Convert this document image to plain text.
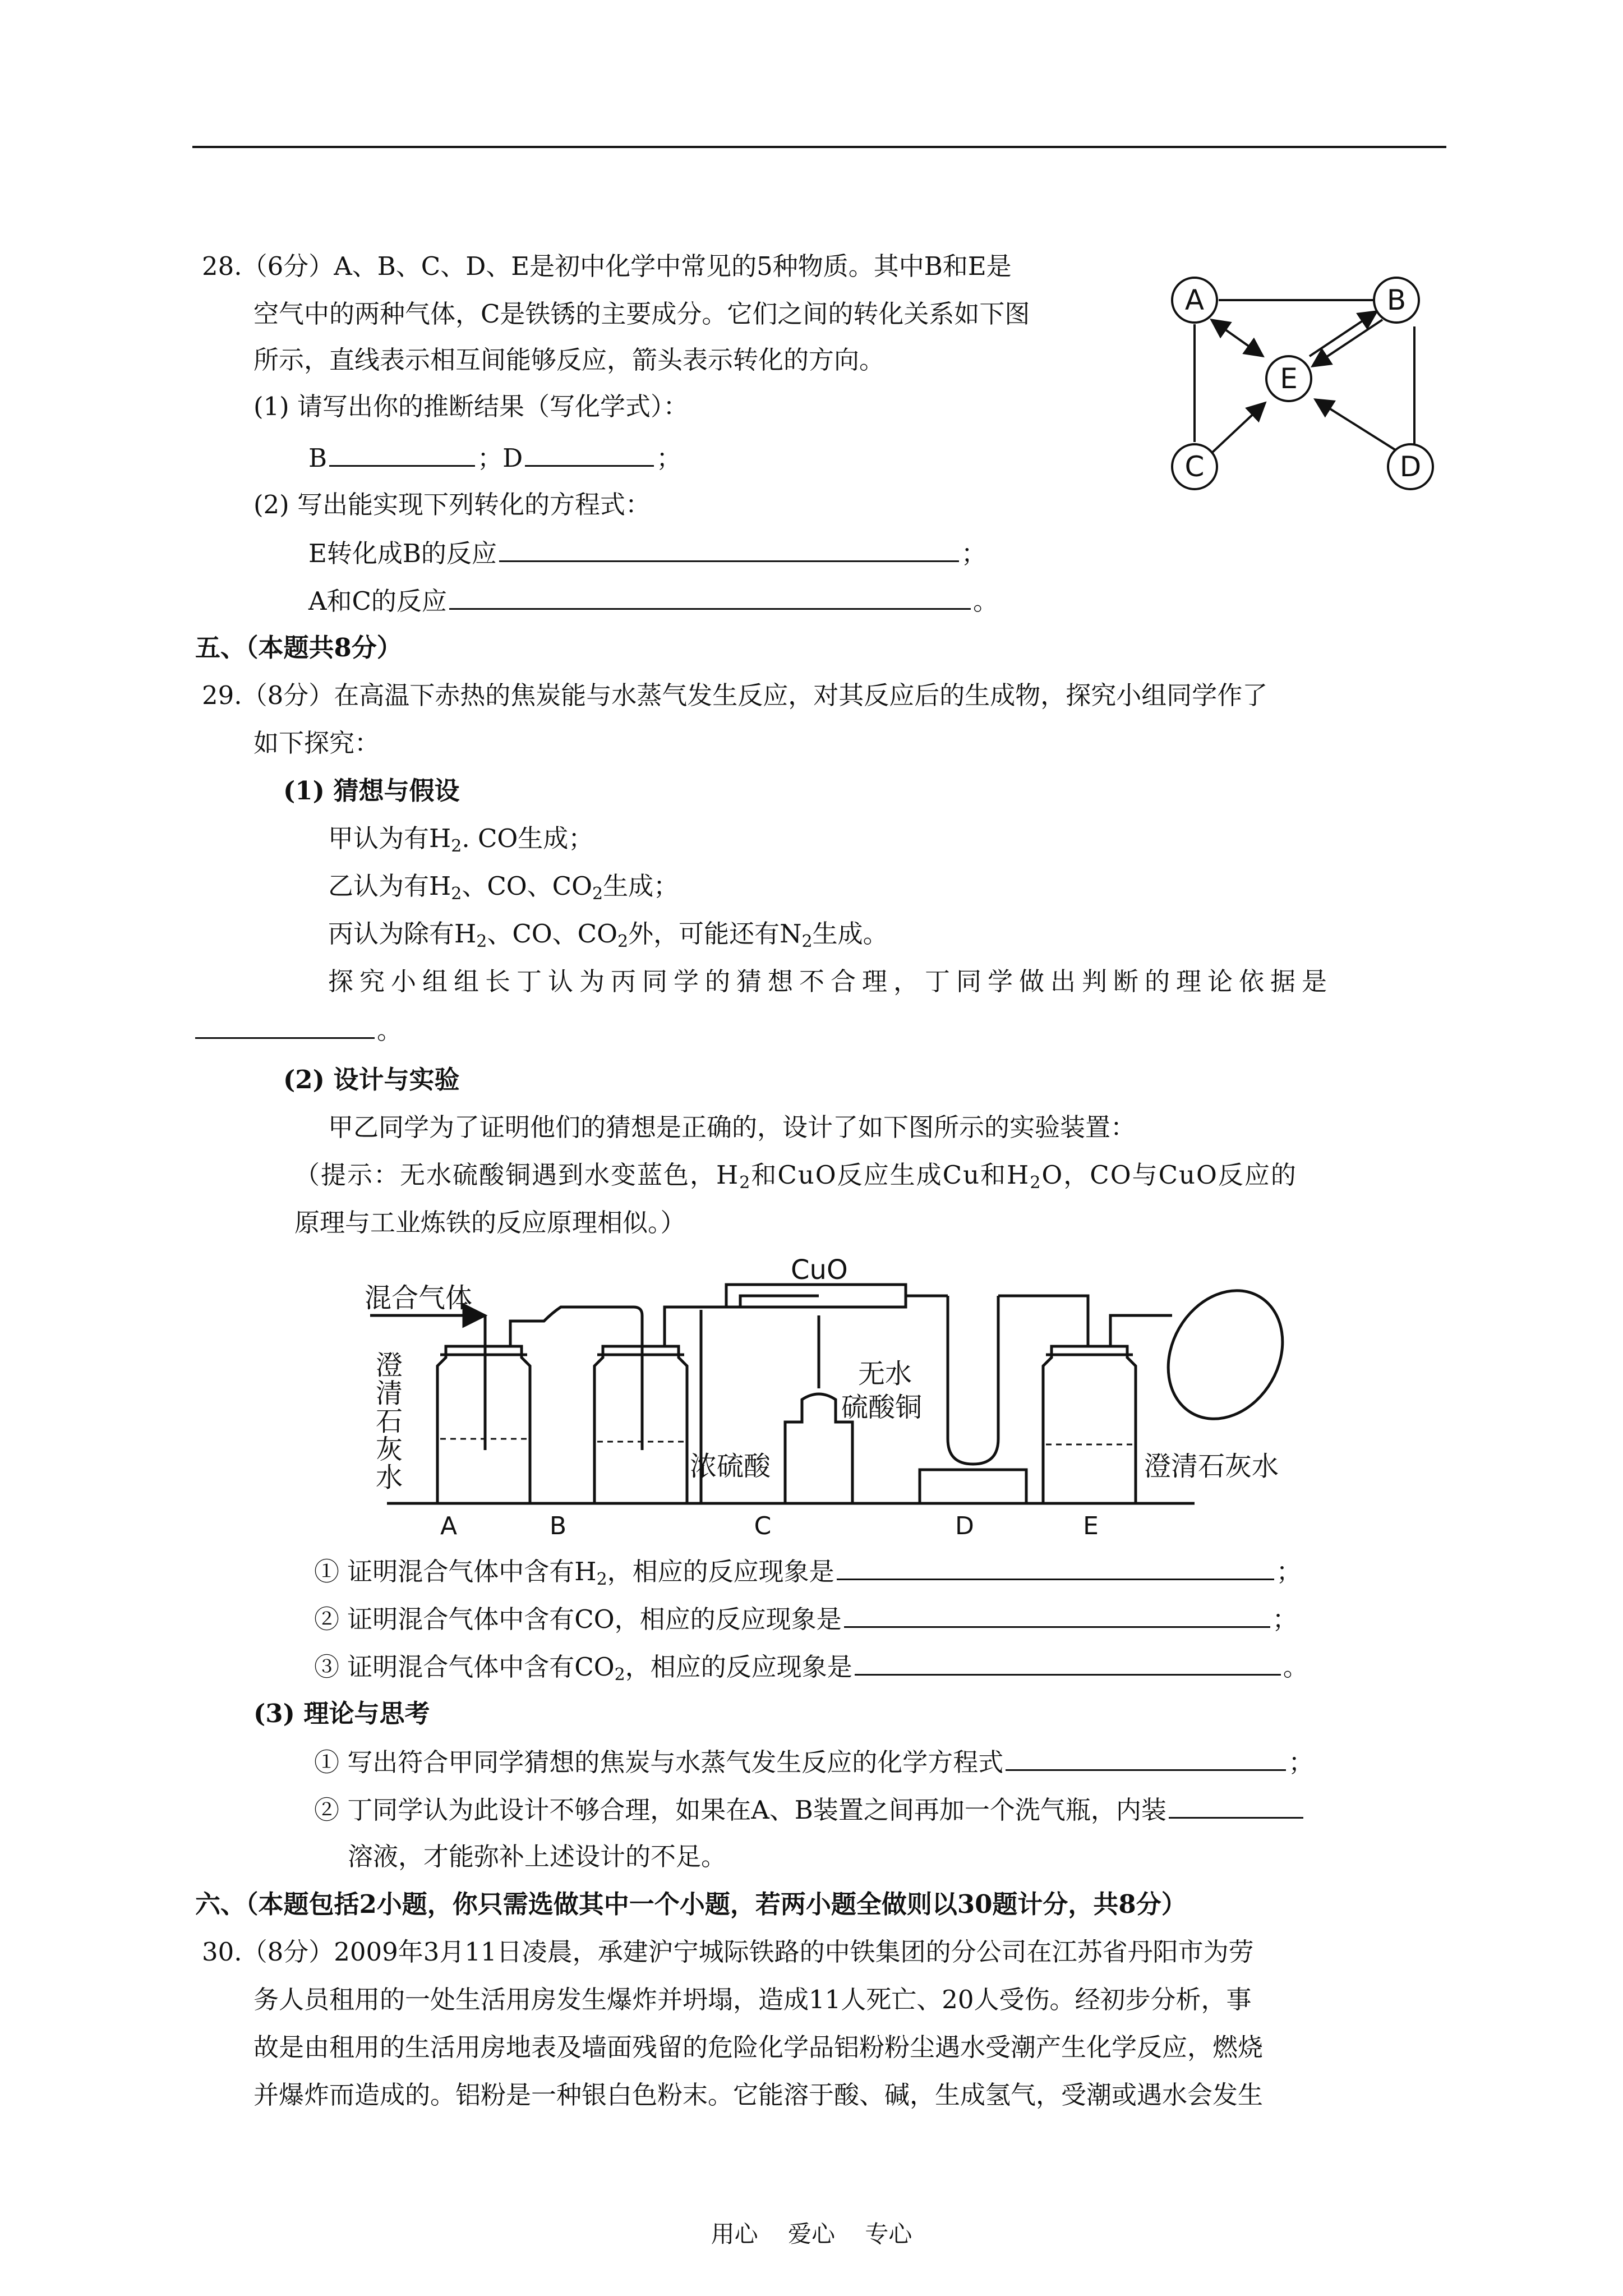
28.（6分）A、B、C、D、E是初中化学中常见的5种物质。其中B和E是
空气中的两种气体，C是铁锈的主要成分。它们之间的转化关系如下图
所示，直线表示相互间能够反应，箭头表示转化的方向。
(1) 请写出你的推断结果（写化学式）：
B	；D	；
(2) 写出能实现下列转化的方程式：
E转化成B的反应	；
A和C的反应	。
A	B
E
C	D
五、（本题共8分）
29.（8分）在高温下赤热的焦炭能与水蒸气发生反应，对其反应后的生成物，探究小组同学作了
如下探究：
(1) 猜想与假设
甲认为有$H_2$. CO生成；
乙认为有$H_2$、CO、$CO_2$生成；
丙认为除有$H_2$、CO、$CO_2$外，可能还有$N_2$生成。
探究小组组长丁认为丙同学的猜想不合理，丁同学做出判断的理论依据是
。
(2) 设计与实验
甲乙同学为了证明他们的猜想是正确的，设计了如下图所示的实验装置：
（提示：无水硫酸铜遇到水变蓝色，$H_2$和CuO反应生成Cu和$H_2O$，CO与CuO反应的
原理与工业炼铁的反应原理相似。）
混合气体
澄
清
石
灰
水	浓硫酸
CuO
无水
硫酸铜
澄清石灰水
A	B	C	D	E
① 证明混合气体中含有$H_2$，相应的反应现象是	；
② 证明混合气体中含有CO，相应的反应现象是	；
③ 证明混合气体中含有$CO_2$，相应的反应现象是	。
(3) 理论与思考
① 写出符合甲同学猜想的焦炭与水蒸气发生反应的化学方程式	；
② 丁同学认为此设计不够合理，如果在A、B装置之间再加一个洗气瓶，内装
溶液，才能弥补上述设计的不足。
六、（本题包括2小题，你只需选做其中一个小题，若两小题全做则以30题计分，共8分）
30.（8分）2009年3月11日凌晨，承建沪宁城际铁路的中铁集团的分公司在江苏省丹阳市为劳
务人员租用的一处生活用房发生爆炸并坍塌，造成11人死亡、20人受伤。经初步分析，事
故是由租用的生活用房地表及墙面残留的危险化学品铝粉粉尘遇水受潮产生化学反应，燃烧
并爆炸而造成的。铝粉是一种银白色粉末。它能溶于酸、碱，生成氢气，受潮或遇水会发生
用心 爱心 专心
